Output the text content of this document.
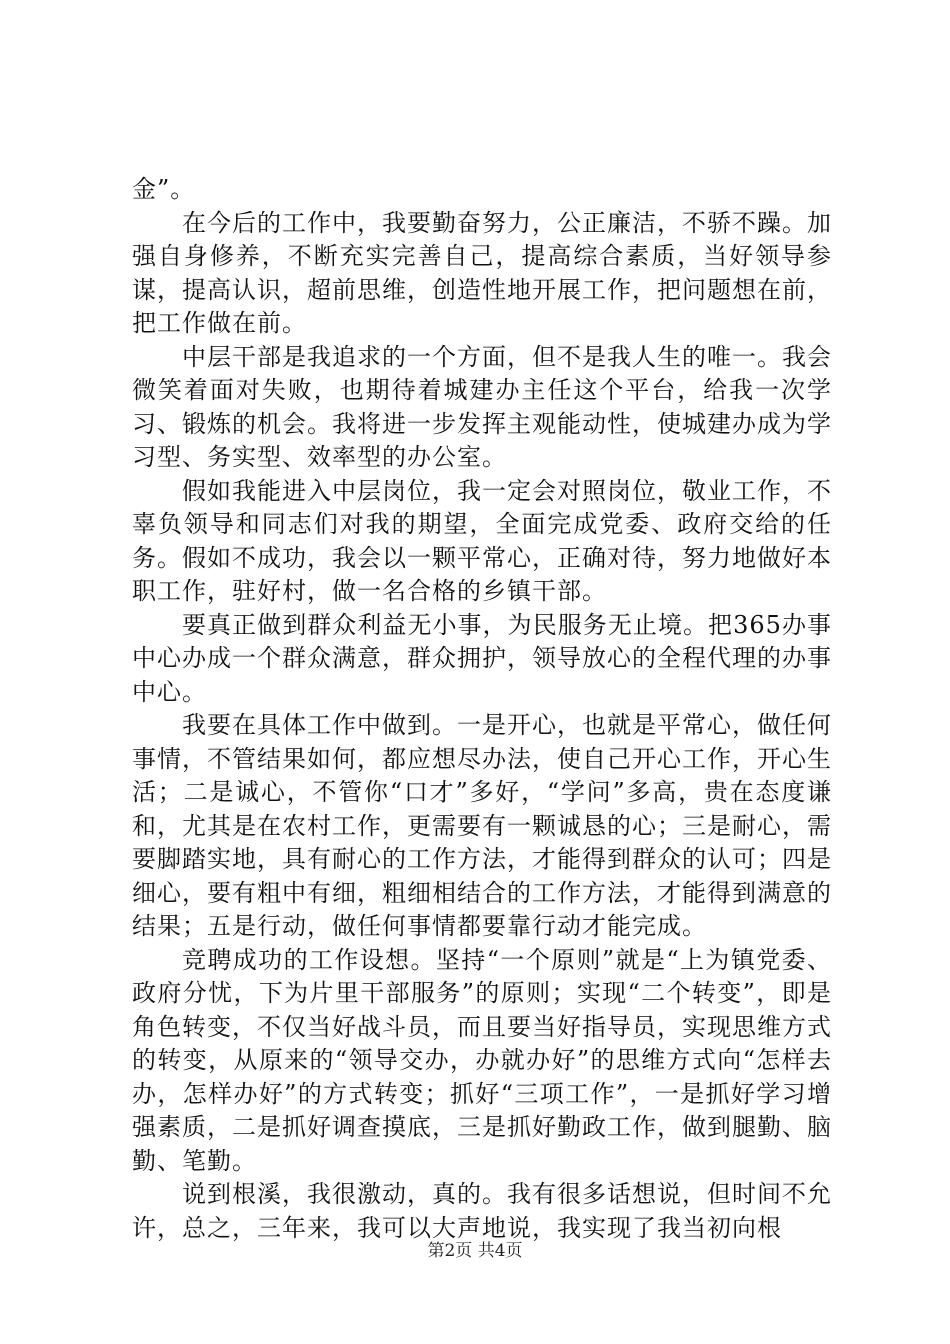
金”。

在今后的工作中，我要勤奋努力，公正廉洁，不骄不躁。加强自身修养，不断充实完善自己，提高综合素质，当好领导参谋，提高认识，超前思维，创造性地开展工作，把问题想在前，把工作做在前。

中层干部是我追求的一个方面，但不是我人生的唯一。我会微笑着面对失败，也期待着城建办主任这个平台，给我一次学习、锻炼的机会。我将进一步发挥主观能动性，使城建办成为学习型、务实型、效率型的办公室。

假如我能进入中层岗位，我一定会对照岗位，敬业工作，不辜负领导和同志们对我的期望，全面完成党委、政府交给的任务。假如不成功，我会以一颗平常心，正确对待，努力地做好本职工作，驻好村，做一名合格的乡镇干部。

要真正做到群众利益无小事，为民服务无止境。把365办事中心办成一个群众满意，群众拥护，领导放心的全程代理的办事中心。

我要在具体工作中做到。一是开心，也就是平常心，做任何事情，不管结果如何，都应想尽办法，使自己开心工作，开心生活；二是诚心，不管你“口才”多好，“学问”多高，贵在态度谦和，尤其是在农村工作，更需要有一颗诚恳的心；三是耐心，需要脚踏实地，具有耐心的工作方法，才能得到群众的认可；四是细心，要有粗中有细，粗细相结合的工作方法，才能得到满意的结果；五是行动，做任何事情都要靠行动才能完成。

竞聘成功的工作设想。坚持“一个原则”就是“上为镇党委、政府分忧，下为片里干部服务”的原则；实现“二个转变”，即是角色转变，不仅当好战斗员，而且要当好指导员，实现思维方式的转变，从原来的“领导交办，办就办好”的思维方式向“怎样去办，怎样办好”的方式转变；抓好“三项工作”，一是抓好学习增强素质，二是抓好调查摸底，三是抓好勤政工作，做到腿勤、脑勤、笔勤。

说到根溪，我很激动，真的。我有很多话想说，但时间不允许，总之，三年来，我可以大声地说，我实现了我当初向根

第2页 共4页
